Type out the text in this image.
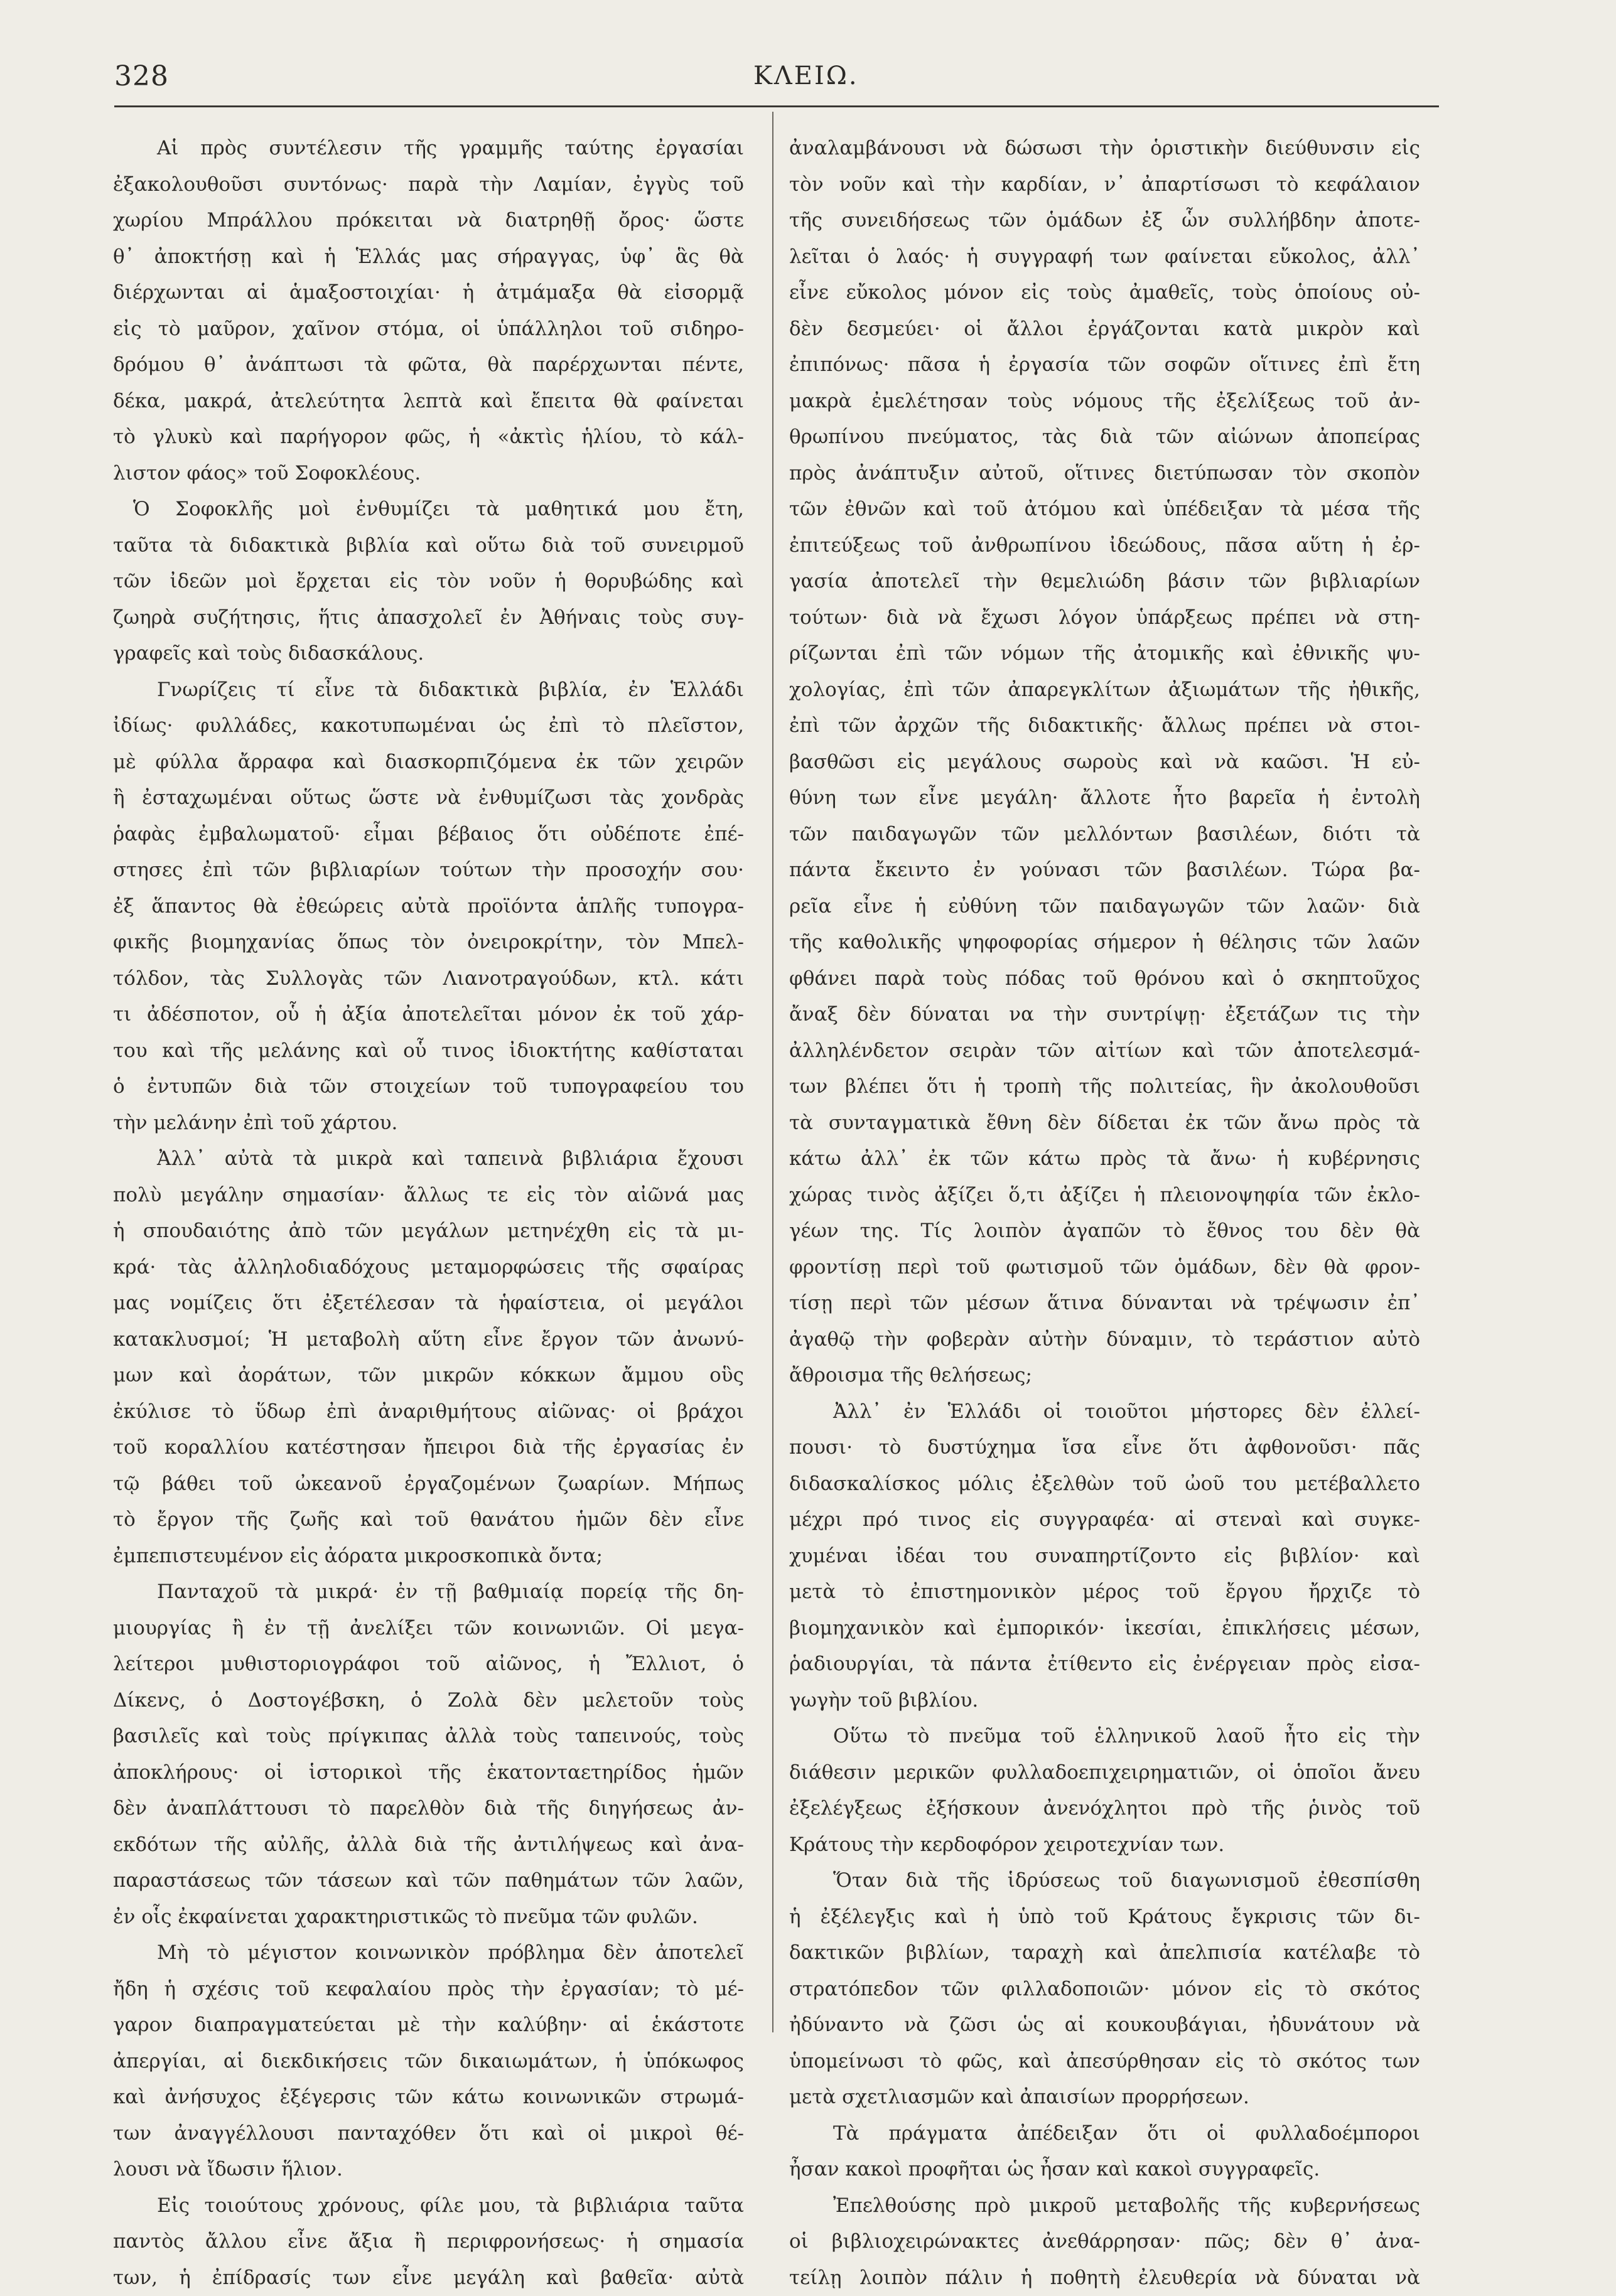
328	ΚΛΕΙΩ.
Αἱ πρὸς συντέλεσιν τῆς γραμμῆς ταύτης ἐργασίαι
ἐξακολουθοῦσι συντόνως· παρὰ τὴν Λαμίαν, ἐγγὺς τοῦ
χωρίου Μπράλλου πρόκειται νὰ διατρηθῇ ὄρος· ὥστε
θ᾽ ἀποκτήσῃ καὶ ἡ Ἑλλάς μας σήραγγας, ὑφ᾽ ἃς θὰ
διέρχωνται αἱ ἁμαξοστοιχίαι· ἡ ἀτμάμαξα θὰ εἰσορμᾷ
εἰς τὸ μαῦρον, χαῖνον στόμα, οἱ ὑπάλληλοι τοῦ σιδηρο-
δρόμου θ᾽ ἀνάπτωσι τὰ φῶτα, θὰ παρέρχωνται πέντε,
δέκα, μακρά, ἀτελεύτητα λεπτὰ καὶ ἔπειτα θὰ φαίνεται
τὸ γλυκὺ καὶ παρήγορον φῶς, ἡ «ἀκτὶς ἡλίου, τὸ κάλ-
λιστον φάος» τοῦ Σοφοκλέους.
Ὁ Σοφοκλῆς μοὶ ἐνθυμίζει τὰ μαθητικά μου ἔτη,
ταῦτα τὰ διδακτικὰ βιβλία καὶ οὕτω διὰ τοῦ συνειρμοῦ
τῶν ἰδεῶν μοὶ ἔρχεται εἰς τὸν νοῦν ἡ θορυβώδης καὶ
ζωηρὰ συζήτησις, ἥτις ἀπασχολεῖ ἐν Ἀθήναις τοὺς συγ-
γραφεῖς καὶ τοὺς διδασκάλους.
Γνωρίζεις τί εἶνε τὰ διδακτικὰ βιβλία, ἐν Ἑλλάδι
ἰδίως· φυλλάδες, κακοτυπωμέναι ὡς ἐπὶ τὸ πλεῖστον,
μὲ φύλλα ἄρραφα καὶ διασκορπιζόμενα ἐκ τῶν χειρῶν
ἢ ἐσταχωμέναι οὕτως ὥστε νὰ ἐνθυμίζωσι τὰς χονδρὰς
ῥαφὰς ἐμβαλωματοῦ· εἶμαι βέβαιος ὅτι οὐδέποτε ἐπέ-
στησες ἐπὶ τῶν βιβλιαρίων τούτων τὴν προσοχήν σου·
ἐξ ἅπαντος θὰ ἐθεώρεις αὐτὰ προϊόντα ἁπλῆς τυπογρα-
φικῆς βιομηχανίας ὅπως τὸν ὀνειροκρίτην, τὸν Μπελ-
τόλδον, τὰς Συλλογὰς τῶν Λιανοτραγούδων, κτλ. κάτι
τι ἀδέσποτον, οὗ ἡ ἀξία ἀποτελεῖται μόνον ἐκ τοῦ χάρ-
του καὶ τῆς μελάνης καὶ οὗ τινος ἰδιοκτήτης καθίσταται
ὁ ἐντυπῶν διὰ τῶν στοιχείων τοῦ τυπογραφείου του
τὴν μελάνην ἐπὶ τοῦ χάρτου.
Ἀλλ᾽ αὐτὰ τὰ μικρὰ καὶ ταπεινὰ βιβλιάρια ἔχουσι
πολὺ μεγάλην σημασίαν· ἄλλως τε εἰς τὸν αἰῶνά μας
ἡ σπουδαιότης ἀπὸ τῶν μεγάλων μετηνέχθη εἰς τὰ μι-
κρά· τὰς ἀλληλοδιαδόχους μεταμορφώσεις τῆς σφαίρας
μας νομίζεις ὅτι ἐξετέλεσαν τὰ ἡφαίστεια, οἱ μεγάλοι
κατακλυσμοί; Ἡ μεταβολὴ αὕτη εἶνε ἔργον τῶν ἀνωνύ-
μων καὶ ἀοράτων, τῶν μικρῶν κόκκων ἄμμου οὓς
ἐκύλισε τὸ ὕδωρ ἐπὶ ἀναριθμήτους αἰῶνας· οἱ βράχοι
τοῦ κοραλλίου κατέστησαν ἤπειροι διὰ τῆς ἐργασίας ἐν
τῷ βάθει τοῦ ὠκεανοῦ ἐργαζομένων ζωαρίων. Μήπως
τὸ ἔργον τῆς ζωῆς καὶ τοῦ θανάτου ἡμῶν δὲν εἶνε
ἐμπεπιστευμένον εἰς ἀόρατα μικροσκοπικὰ ὄντα;
Πανταχοῦ τὰ μικρά· ἐν τῇ βαθμιαίᾳ πορείᾳ τῆς δη-
μιουργίας ἢ ἐν τῇ ἀνελίξει τῶν κοινωνιῶν. Οἱ μεγα-
λείτεροι μυθιστοριογράφοι τοῦ αἰῶνος, ἡ Ἔλλιοτ, ὁ
Δίκενς, ὁ Δοστογέβσκη, ὁ Ζολὰ δὲν μελετοῦν τοὺς
βασιλεῖς καὶ τοὺς πρίγκιπας ἀλλὰ τοὺς ταπεινούς, τοὺς
ἀποκλήρους· οἱ ἱστορικοὶ τῆς ἑκατονταετηρίδος ἡμῶν
δὲν ἀναπλάττουσι τὸ παρελθὸν διὰ τῆς διηγήσεως ἀν-
εκδότων τῆς αὐλῆς, ἀλλὰ διὰ τῆς ἀντιλήψεως καὶ ἀνα-
παραστάσεως τῶν τάσεων καὶ τῶν παθημάτων τῶν λαῶν,
ἐν οἷς ἐκφαίνεται χαρακτηριστικῶς τὸ πνεῦμα τῶν φυλῶν.
Μὴ τὸ μέγιστον κοινωνικὸν πρόβλημα δὲν ἀποτελεῖ
ἤδη ἡ σχέσις τοῦ κεφαλαίου πρὸς τὴν ἐργασίαν; τὸ μέ-
γαρον διαπραγματεύεται μὲ τὴν καλύβην· αἱ ἑκάστοτε
ἀπεργίαι, αἱ διεκδικήσεις τῶν δικαιωμάτων, ἡ ὑπόκωφος
καὶ ἀνήσυχος ἐξέγερσις τῶν κάτω κοινωνικῶν στρωμά-
των ἀναγγέλλουσι πανταχόθεν ὅτι καὶ οἱ μικροὶ θέ-
λουσι νὰ ἴδωσιν ἥλιον.
Εἰς τοιούτους χρόνους, φίλε μου, τὰ βιβλιάρια ταῦτα
παντὸς ἄλλου εἶνε ἄξια ἢ περιφρονήσεως· ἡ σημασία
των, ἡ ἐπίδρασίς των εἶνε μεγάλη καὶ βαθεῖα· αὐτὰ
ἀναλαμβάνουσι νὰ δώσωσι τὴν ὁριστικὴν διεύθυνσιν εἰς
τὸν νοῦν καὶ τὴν καρδίαν, ν᾽ ἀπαρτίσωσι τὸ κεφάλαιον
τῆς συνειδήσεως τῶν ὁμάδων ἐξ ὧν συλλήβδην ἀποτε-
λεῖται ὁ λαός· ἡ συγγραφή των φαίνεται εὔκολος, ἀλλ᾽
εἶνε εὔκολος μόνον εἰς τοὺς ἀμαθεῖς, τοὺς ὁποίους οὐ-
δὲν δεσμεύει· οἱ ἄλλοι ἐργάζονται κατὰ μικρὸν καὶ
ἐπιπόνως· πᾶσα ἡ ἐργασία τῶν σοφῶν οἵτινες ἐπὶ ἔτη
μακρὰ ἐμελέτησαν τοὺς νόμους τῆς ἐξελίξεως τοῦ ἀν-
θρωπίνου πνεύματος, τὰς διὰ τῶν αἰώνων ἀποπείρας
πρὸς ἀνάπτυξιν αὐτοῦ, οἵτινες διετύπωσαν τὸν σκοπὸν
τῶν ἐθνῶν καὶ τοῦ ἀτόμου καὶ ὑπέδειξαν τὰ μέσα τῆς
ἐπιτεύξεως τοῦ ἀνθρωπίνου ἰδεώδους, πᾶσα αὕτη ἡ ἐρ-
γασία ἀποτελεῖ τὴν θεμελιώδη βάσιν τῶν βιβλιαρίων
τούτων· διὰ νὰ ἔχωσι λόγον ὑπάρξεως πρέπει νὰ στη-
ρίζωνται ἐπὶ τῶν νόμων τῆς ἀτομικῆς καὶ ἐθνικῆς ψυ-
χολογίας, ἐπὶ τῶν ἀπαρεγκλίτων ἀξιωμάτων τῆς ἠθικῆς,
ἐπὶ τῶν ἀρχῶν τῆς διδακτικῆς· ἄλλως πρέπει νὰ στοι-
βασθῶσι εἰς μεγάλους σωροὺς καὶ νὰ καῶσι. Ἡ εὐ-
θύνη των εἶνε μεγάλη· ἄλλοτε ἦτο βαρεῖα ἡ ἐντολὴ
τῶν παιδαγωγῶν τῶν μελλόντων βασιλέων, διότι τὰ
πάντα ἔκειντο ἐν γούνασι τῶν βασιλέων. Τώρα βα-
ρεῖα εἶνε ἡ εὐθύνη τῶν παιδαγωγῶν τῶν λαῶν· διὰ
τῆς καθολικῆς ψηφοφορίας σήμερον ἡ θέλησις τῶν λαῶν
φθάνει παρὰ τοὺς πόδας τοῦ θρόνου καὶ ὁ σκηπτοῦχος
ἄναξ δὲν δύναται να τὴν συντρίψῃ· ἐξετάζων τις τὴν
ἀλληλένδετον σειρὰν τῶν αἰτίων καὶ τῶν ἀποτελεσμά-
των βλέπει ὅτι ἡ τροπὴ τῆς πολιτείας, ἣν ἀκολουθοῦσι
τὰ συνταγματικὰ ἔθνη δὲν δίδεται ἐκ τῶν ἄνω πρὸς τὰ
κάτω ἀλλ᾽ ἐκ τῶν κάτω πρὸς τὰ ἄνω· ἡ κυβέρνησις
χώρας τινὸς ἀξίζει ὅ,τι ἀξίζει ἡ πλειονοψηφία τῶν ἐκλο-
γέων της. Τίς λοιπὸν ἀγαπῶν τὸ ἔθνος του δὲν θὰ
φροντίσῃ περὶ τοῦ φωτισμοῦ τῶν ὁμάδων, δὲν θὰ φρον-
τίσῃ περὶ τῶν μέσων ἅτινα δύνανται νὰ τρέψωσιν ἐπ᾽
ἀγαθῷ τὴν φοβερὰν αὐτὴν δύναμιν, τὸ τεράστιον αὐτὸ
ἄθροισμα τῆς θελήσεως;
Ἀλλ᾽ ἐν Ἑλλάδι οἱ τοιοῦτοι μήστορες δὲν ἐλλεί-
πουσι· τὸ δυστύχημα ἴσα εἶνε ὅτι ἀφθονοῦσι· πᾶς
διδασκαλίσκος μόλις ἐξελθὼν τοῦ ὠοῦ του μετέβαλλετο
μέχρι πρό τινος εἰς συγγραφέα· αἱ στεναὶ καὶ συγκε-
χυμέναι ἰδέαι του συναπηρτίζοντο εἰς βιβλίον· καὶ
μετὰ τὸ ἐπιστημονικὸν μέρος τοῦ ἔργου ἤρχιζε τὸ
βιομηχανικὸν καὶ ἐμπορικόν· ἱκεσίαι, ἐπικλήσεις μέσων,
ῥαδιουργίαι, τὰ πάντα ἐτίθεντο εἰς ἐνέργειαν πρὸς εἰσα-
γωγὴν τοῦ βιβλίου.
Οὕτω τὸ πνεῦμα τοῦ ἑλληνικοῦ λαοῦ ἦτο εἰς τὴν
διάθεσιν μερικῶν φυλλαδοεπιχειρηματιῶν, οἱ ὁποῖοι ἄνευ
ἐξελέγξεως ἐξήσκουν ἀνενόχλητοι πρὸ τῆς ῥινὸς τοῦ
Κράτους τὴν κερδοφόρον χειροτεχνίαν των.
Ὅταν διὰ τῆς ἱδρύσεως τοῦ διαγωνισμοῦ ἐθεσπίσθη
ἡ ἐξέλεγξις καὶ ἡ ὑπὸ τοῦ Κράτους ἔγκρισις τῶν δι-
δακτικῶν βιβλίων, ταραχὴ καὶ ἀπελπισία κατέλαβε τὸ
στρατόπεδον τῶν φιλλαδοποιῶν· μόνον εἰς τὸ σκότος
ἠδύναντο νὰ ζῶσι ὡς αἱ κουκουβάγιαι, ἠδυνάτουν νὰ
ὑπομείνωσι τὸ φῶς, καὶ ἀπεσύρθησαν εἰς τὸ σκότος των
μετὰ σχετλιασμῶν καὶ ἀπαισίων προρρήσεων.
Τὰ πράγματα ἀπέδειξαν ὅτι οἱ φυλλαδοέμποροι
ἦσαν κακοὶ προφῆται ὡς ἦσαν καὶ κακοὶ συγγραφεῖς.
Ἐπελθούσης πρὸ μικροῦ μεταβολῆς τῆς κυβερνήσεως
οἱ βιβλιοχειρώνακτες ἀνεθάρρησαν· πῶς; δὲν θ᾽ ἀνα-
τείλῃ λοιπὸν πάλιν ἡ ποθητὴ ἐλευθερία νὰ δύναται νὰ
